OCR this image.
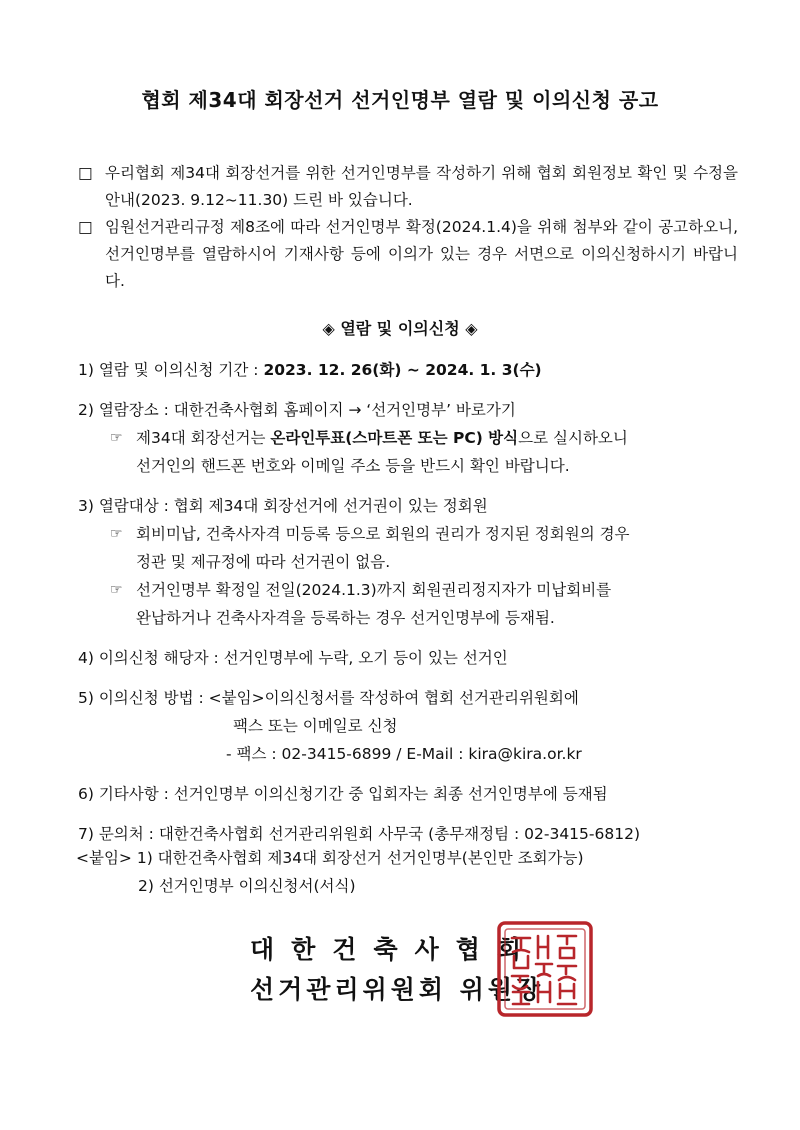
협회 제34대 회장선거 선거인명부 열람 및 이의신청 공고
□ 우리협회 제34대 회장선거를 위한 선거인명부를 작성하기 위해 협회 회원정보 확인 및 수정을 안내(2023. 9.12~11.30) 드린 바 있습니다.
□ 임원선거관리규정 제8조에 따라 선거인명부 확정(2024.1.4)을 위해 첨부와 같이 공고하오니, 선거인명부를 열람하시어 기재사항 등에 이의가 있는 경우 서면으로 이의신청하시기 바랍니다.
◈ 열람 및 이의신청 ◈
1) 열람 및 이의신청 기간 : 2023. 12. 26(화) ~ 2024. 1. 3(수)
2) 열람장소 : 대한건축사협회 홈페이지 → ‘선거인명부’ 바로가기
☞ 제34대 회장선거는 온라인투표(스마트폰 또는 PC) 방식으로 실시하오니
선거인의 핸드폰 번호와 이메일 주소 등을 반드시 확인 바랍니다.
3) 열람대상 : 협회 제34대 회장선거에 선거권이 있는 정회원
☞ 회비미납, 건축사자격 미등록 등으로 회원의 권리가 정지된 정회원의 경우
정관 및 제규정에 따라 선거권이 없음.
☞ 선거인명부 확정일 전일(2024.1.3)까지 회원권리정지자가 미납회비를
완납하거나 건축사자격을 등록하는 경우 선거인명부에 등재됨.
4) 이의신청 해당자 : 선거인명부에 누락, 오기 등이 있는 선거인
5) 이의신청 방법 : <붙임>이의신청서를 작성하여 협회 선거관리위원회에
팩스 또는 이메일로 신청
- 팩스 : 02-3415-6899 / E-Mail : kira@kira.or.kr
6) 기타사항 : 선거인명부 이의신청기간 중 입회자는 최종 선거인명부에 등재됨
7) 문의처 : 대한건축사협회 선거관리위원회 사무국 (총무재정팀 : 02-3415-6812)
<붙임> 1) 대한건축사협회 제34대 회장선거 선거인명부(본인만 조회가능)
2) 선거인명부 이의신청서(서식)
대한건축사협회
선거관리위원회 위원장
